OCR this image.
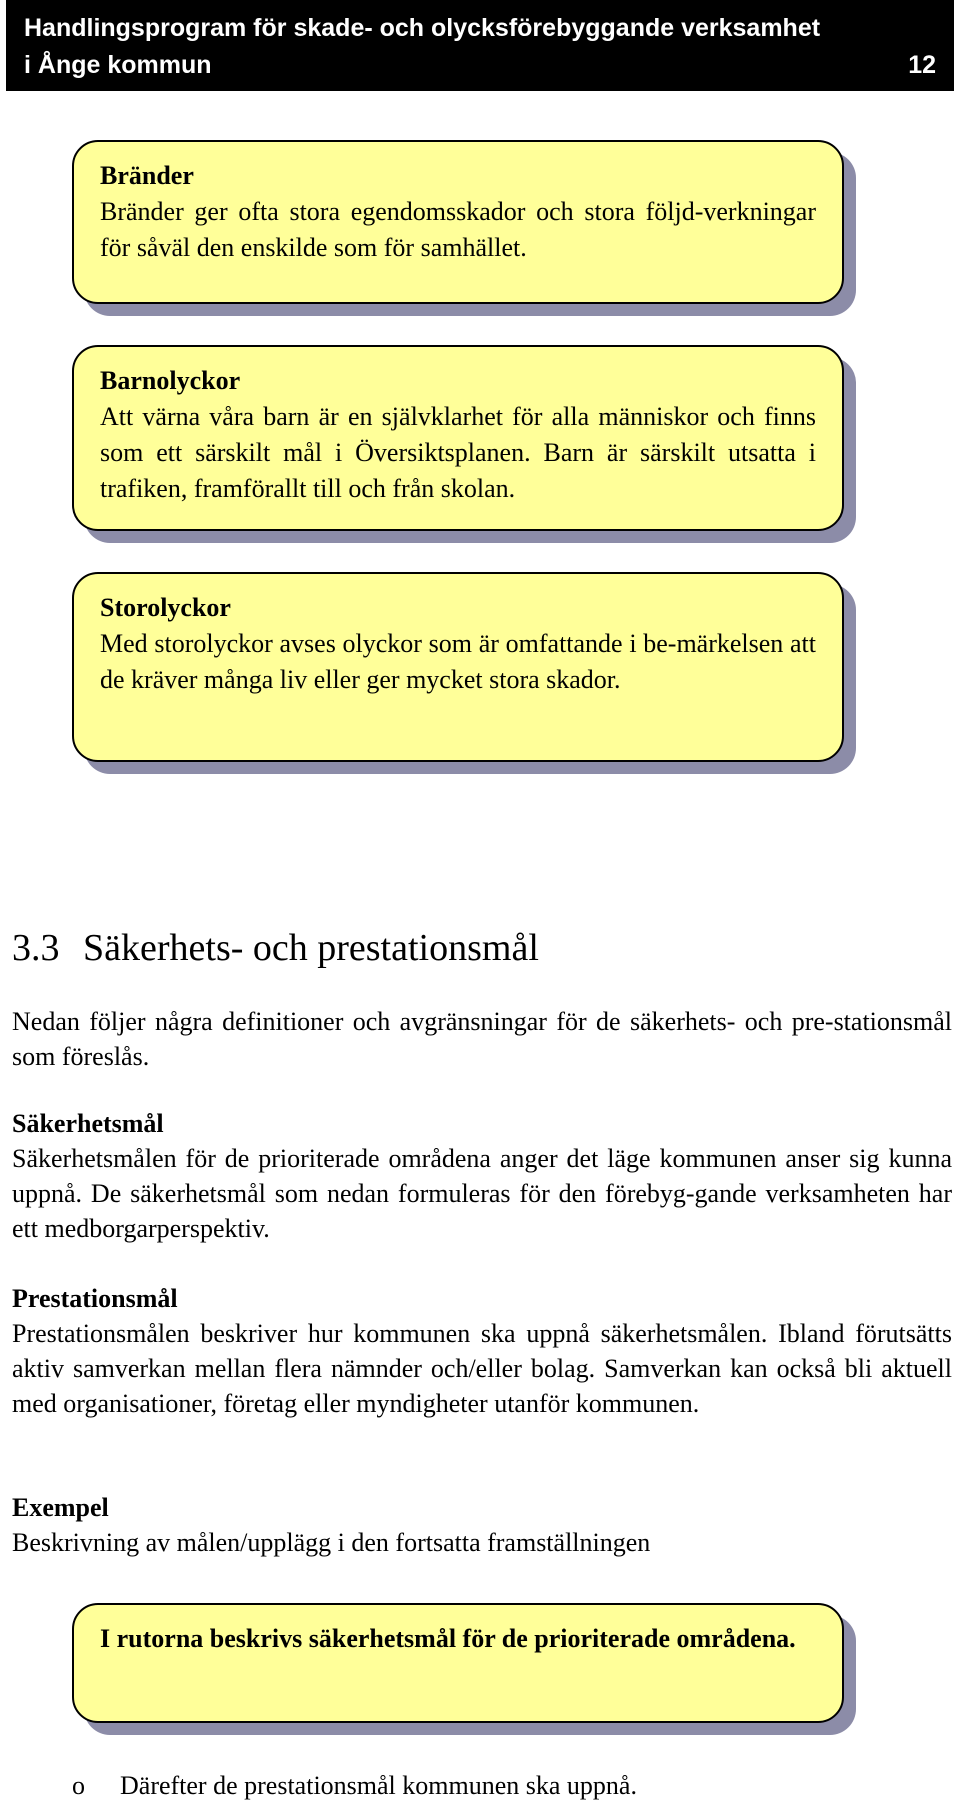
Handlingsprogram för skade- och olycksförebyggande verksamhet
i Ånge kommun	12
Bränder

Bränder ger ofta stora egendomsskador och stora följd-verkningar för såväl den enskilde som för samhället.

Barnolyckor

Att värna våra barn är en självklarhet för alla människor och finns som ett särskilt mål i Översiktsplanen. Barn är särskilt utsatta i trafiken, framförallt till och från skolan.

Storolyckor

Med storolyckor avses olyckor som är omfattande i be-märkelsen att de kräver många liv eller ger mycket stora skador.

3.3 Säkerhets- och prestationsmål

Nedan följer några definitioner och avgränsningar för de säkerhets- och pre-stationsmål som föreslås.

Säkerhetsmål

Säkerhetsmålen för de prioriterade områdena anger det läge kommunen anser sig kunna uppnå. De säkerhetsmål som nedan formuleras för den förebyg-gande verksamheten har ett medborgarperspektiv.

Prestationsmål

Prestationsmålen beskriver hur kommunen ska uppnå säkerhetsmålen. Ibland förutsätts aktiv samverkan mellan flera nämnder och/eller bolag. Samverkan kan också bli aktuell med organisationer, företag eller myndigheter utanför kommunen.

Exempel

Beskrivning av målen/upplägg i den fortsatta framställningen

I rutorna beskrivs säkerhetsmål för de prioriterade områdena.
o	Därefter de prestationsmål kommunen ska uppnå.
